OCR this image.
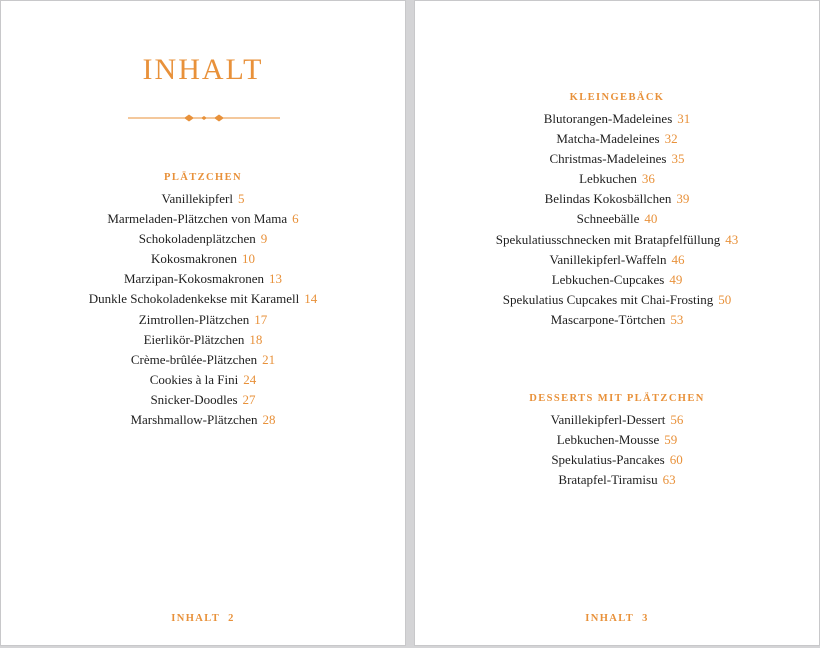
INHALT
PLÄTZCHEN
Vanillekipferl 5
Marmeladen-Plätzchen von Mama 6
Schokoladenplätzchen 9
Kokosmakronen 10
Marzipan-Kokosmakronen 13
Dunkle Schokoladenkekse mit Karamell 14
Zimtrollen-Plätzchen 17
Eierlikör-Plätzchen 18
Crème-brûlée-Plätzchen 21
Cookies à la Fini 24
Snicker-Doodles 27
Marshmallow-Plätzchen 28
INHALT 2
KLEINGEBÄCK
Blutorangen-Madeleines 31
Matcha-Madeleines 32
Christmas-Madeleines 35
Lebkuchen 36
Belindas Kokosbällchen 39
Schneebälle 40
Spekulatiusschnecken mit Bratapfelfüllung 43
Vanillekipferl-Waffeln 46
Lebkuchen-Cupcakes 49
Spekulatius Cupcakes mit Chai-Frosting 50
Mascarpone-Törtchen 53
DESSERTS MIT PLÄTZCHEN
Vanillekipferl-Dessert 56
Lebkuchen-Mousse 59
Spekulatius-Pancakes 60
Bratapfel-Tiramisu 63
INHALT 3
